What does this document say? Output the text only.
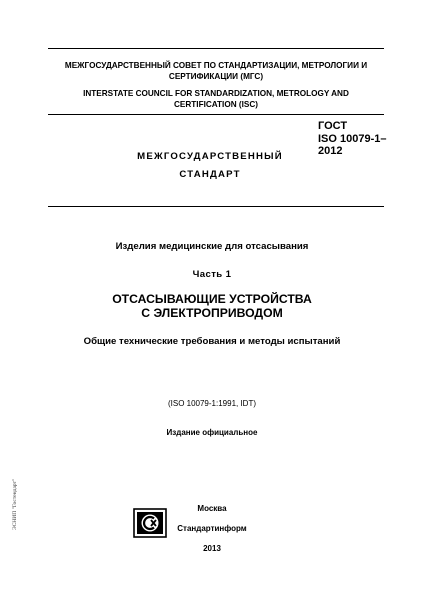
МЕЖГОСУДАРСТВЕННЫЙ СОВЕТ ПО СТАНДАРТИЗАЦИИ, МЕТРОЛОГИИ И
СЕРТИФИКАЦИИ (МГС)
INTERSTATE COUNCIL FOR STANDARDIZATION, METROLOGY AND
CERTIFICATION (ISC)
МЕЖГОСУДАРСТВЕННЫЙ
СТАНДАРТ
ГОСТ
ISO 10079-1–
2012
Изделия медицинские для отсасывания
Часть 1
ОТСАСЫВАЮЩИЕ УСТРОЙСТВА
С ЭЛЕКТРОПРИВОДОМ
Общие технические требования и методы испытаний
(ISO 10079-1:1991, IDT)
Издание официальное
Москва
Стандартинформ
2013
ЭСНИП "Гостендарт"
